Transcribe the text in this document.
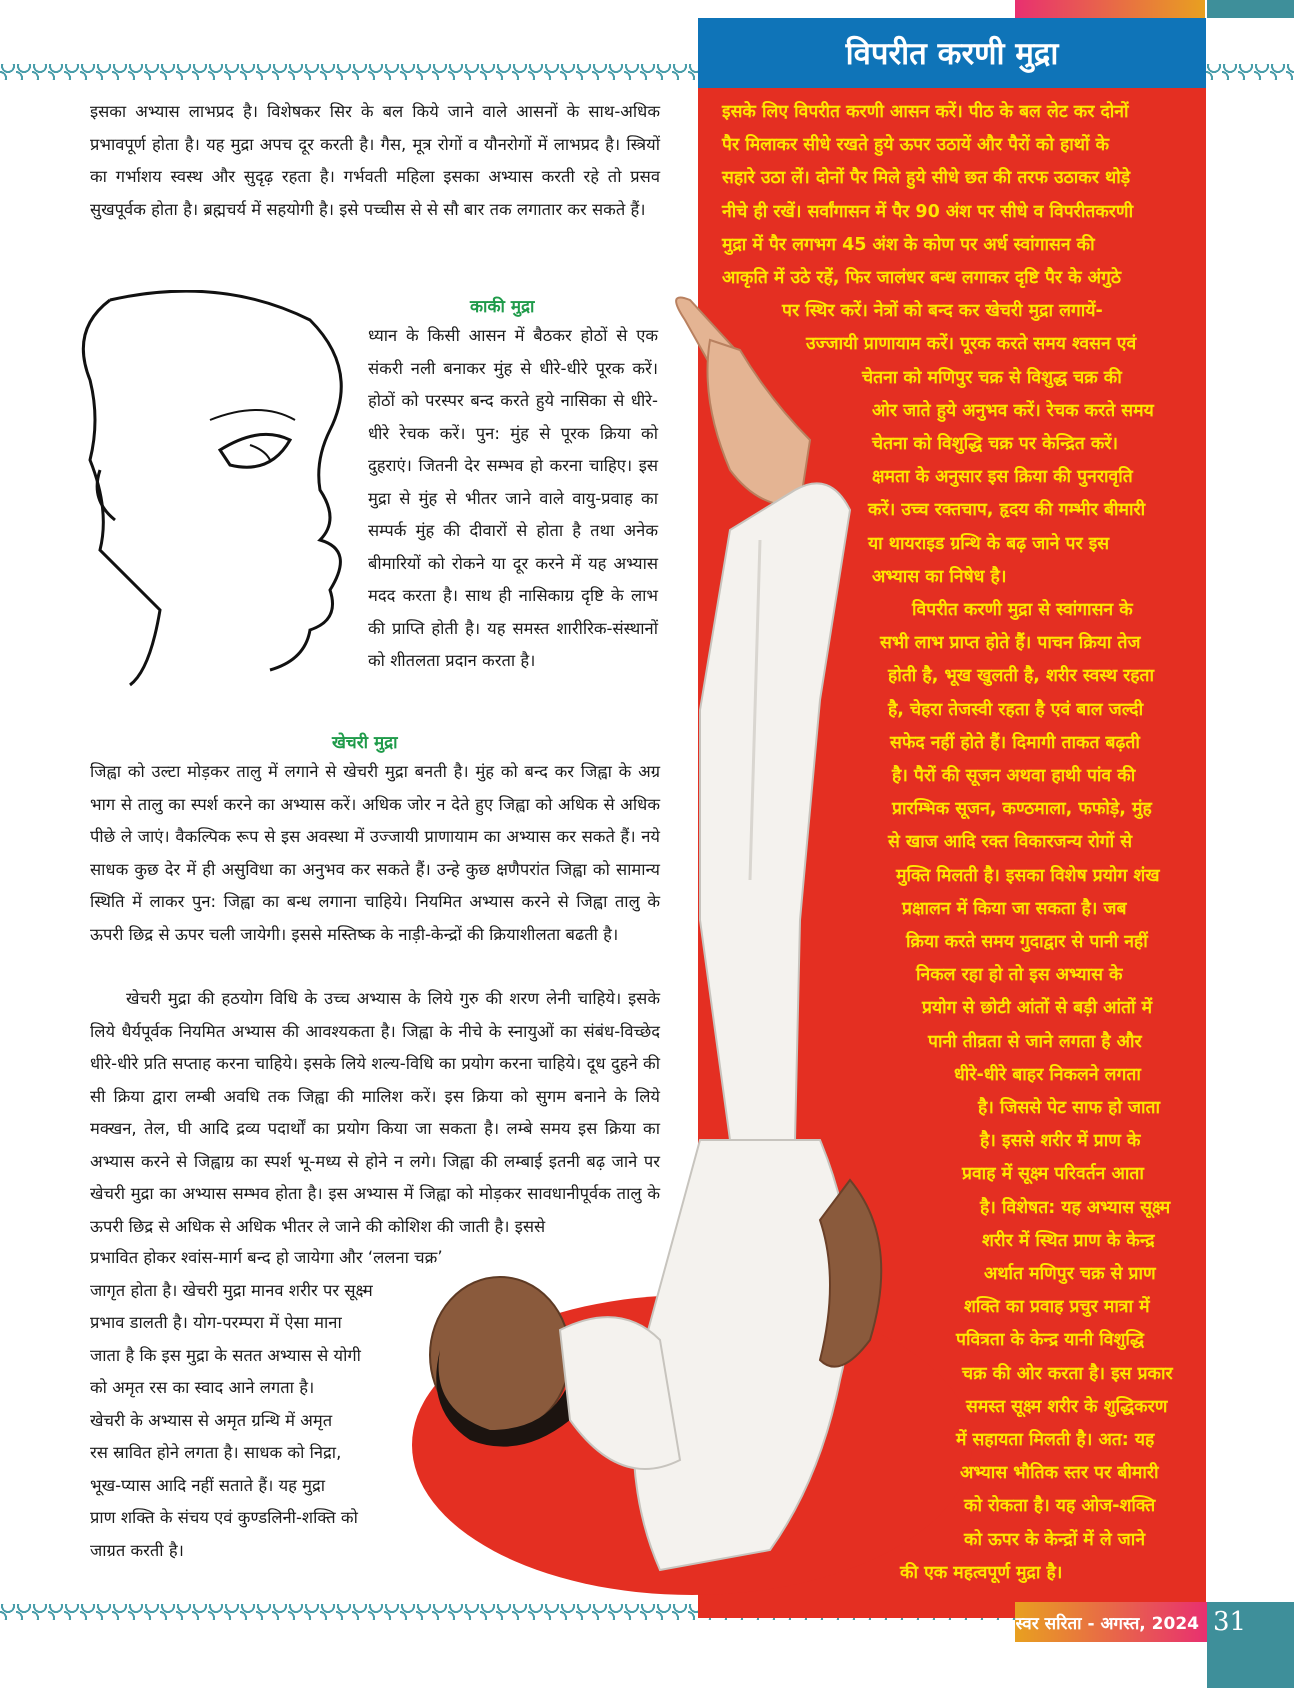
विपरीत करणी मुद्रा

इसका अभ्यास लाभप्रद है। विशेषकर सिर के बल किये जाने वाले आसनों के साथ-अधिक प्रभावपूर्ण होता है। यह मुद्रा अपच दूर करती है। गैस, मूत्र रोगों व यौनरोगों में लाभप्रद है। स्त्रियों का गर्भाशय स्वस्थ और सुदृढ़ रहता है। गर्भवती महिला इसका अभ्यास करती रहे तो प्रसव सुखपूर्वक होता है। ब्रह्मचर्य में सहयोगी है। इसे पच्चीस से से सौ बार तक लगातार कर सकते हैं।

काकी मुद्रा

ध्यान के किसी आसन में बैठकर होठों से एक संकरी नली बनाकर मुंह से धीरे-धीरे पूरक करें। होठों को परस्पर बन्द करते हुये नासिका से धीरे-धीरे रेचक करें। पुन: मुंह से पूरक क्रिया को दुहराएं। जितनी देर सम्भव हो करना चाहिए। इस मुद्रा से मुंह से भीतर जाने वाले वायु-प्रवाह का सम्पर्क मुंह की दीवारों से होता है तथा अनेक बीमारियों को रोकने या दूर करने में यह अभ्यास मदद करता है। साथ ही नासिकाग्र दृष्टि के लाभ की प्राप्ति होती है। यह समस्त शारीरिक-संस्थानों को शीतलता प्रदान करता है।

खेचरी मुद्रा

जिह्वा को उल्टा मोड़कर तालु में लगाने से खेचरी मुद्रा बनती है। मुंह को बन्द कर जिह्वा के अग्र भाग से तालु का स्पर्श करने का अभ्यास करें। अधिक जोर न देते हुए जिह्वा को अधिक से अधिक पीछे ले जाएं। वैकल्पिक रूप से इस अवस्था में उज्जायी प्राणायाम का अभ्यास कर सकते हैं। नये साधक कुछ देर में ही असुविधा का अनुभव कर सकते हैं। उन्हे कुछ क्षणैपरांत जिह्वा को सामान्य स्थिति में लाकर पुन: जिह्वा का बन्ध लगाना चाहिये। नियमित अभ्यास करने से जिह्वा तालु के ऊपरी छिद्र से ऊपर चली जायेगी। इससे मस्तिष्क के नाड़ी-केन्द्रों की क्रियाशीलता बढती है।

खेचरी मुद्रा की हठयोग विधि के उच्च अभ्यास के लिये गुरु की शरण लेनी चाहिये। इसके लिये धैर्यपूर्वक नियमित अभ्यास की आवश्यकता है। जिह्वा के नीचे के स्नायुओं का संबंध-विच्छेद धीरे-धीरे प्रति सप्ताह करना चाहिये। इसके लिये शल्य-विधि का प्रयोग करना चाहिये। दूध दुहने की सी क्रिया द्वारा लम्बी अवधि तक जिह्वा की मालिश करें। इस क्रिया को सुगम बनाने के लिये मक्खन, तेल, घी आदि द्रव्य पदार्थों का प्रयोग किया जा सकता है। लम्बे समय इस क्रिया का अभ्यास करने से जिह्वाग्र का स्पर्श भू-मध्य से होने न लगे। जिह्वा की लम्बाई इतनी बढ़ जाने पर खेचरी मुद्रा का अभ्यास सम्भव होता है। इस अभ्यास में जिह्वा को मोड़कर सावधानीपूर्वक तालु के ऊपरी छिद्र से अधिक से अधिक भीतर ले जाने की कोशिश की जाती है। इससे

प्रभावित होकर श्वांस-मार्ग बन्द हो जायेगा और ‘ललना चक्र’
जागृत होता है। खेचरी मुद्रा मानव शरीर पर सूक्ष्म
प्रभाव डालती है। योग-परम्परा में ऐसा माना
जाता है कि इस मुद्रा के सतत अभ्यास से योगी
को अमृत रस का स्वाद आने लगता है।
खेचरी के अभ्यास से अमृत ग्रन्थि में अमृत
रस स्रावित होने लगता है। साधक को निद्रा,
भूख-प्यास आदि नहीं सताते हैं। यह मुद्रा
प्राण शक्ति के संचय एवं कुण्डलिनी-शक्ति को
जाग्रत करती है।
इसके लिए विपरीत करणी आसन करें। पीठ के बल लेट कर दोनों
पैर मिलाकर सीधे रखते हुये ऊपर उठायें और पैरों को हाथों के
सहारे उठा लें। दोनों पैर मिले हुये सीधे छत की तरफ उठाकर थोड़े
नीचे ही रखें। सर्वांगासन में पैर 90 अंश पर सीधे व विपरीतकरणी
मुद्रा में पैर लगभग 45 अंश के कोण पर अर्ध स्वांगासन की
आकृति में उठे रहें, फिर जालंधर बन्ध लगाकर दृष्टि पैर के अंगुठे
पर स्थिर करें। नेत्रों को बन्द कर खेचरी मुद्रा लगायें-
उज्जायी प्राणायाम करें। पूरक करते समय श्वसन एवं
चेतना को मणिपुर चक्र से विशुद्ध चक्र की
ओर जाते हुये अनुभव करें। रेचक करते समय
चेतना को विशुद्धि चक्र पर केन्द्रित करें।
क्षमता के अनुसार इस क्रिया की पुनरावृति
करें। उच्च रक्तचाप, हृदय की गम्भीर बीमारी
या थायराइड ग्रन्थि के बढ़ जाने पर इस
अभ्यास का निषेध है।
विपरीत करणी मुद्रा से स्वांगासन के
सभी लाभ प्राप्त होते हैं। पाचन क्रिया तेज
होती है, भूख खुलती है, शरीर स्वस्थ रहता
है, चेहरा तेजस्वी रहता है एवं बाल जल्दी
सफेद नहीं होते हैं। दिमागी ताकत बढ़ती
है। पैरों की सूजन अथवा हाथी पांव की
प्रारम्भिक सूजन, कण्ठमाला, फफोड़े, मुंह
से खाज आदि रक्त विकारजन्य रोगों से
मुक्ति मिलती है। इसका विशेष प्रयोग शंख
प्रक्षालन में किया जा सकता है। जब
क्रिया करते समय गुदाद्वार से पानी नहीं
निकल रहा हो तो इस अभ्यास के
प्रयोग से छोटी आंतों से बड़ी आंतों में
पानी तीव्रता से जाने लगता है और
धीरे-धीरे बाहर निकलने लगता
है। जिससे पेट साफ हो जाता
है। इससे शरीर में प्राण के
प्रवाह में सूक्ष्म परिवर्तन आता
है। विशेषत: यह अभ्यास सूक्ष्म
शरीर में स्थित प्राण के केन्द्र
अर्थात मणिपुर चक्र से प्राण
शक्ति का प्रवाह प्रचुर मात्रा में
पवित्रता के केन्द्र यानी विशुद्धि
चक्र की ओर करता है। इस प्रकार
समस्त सूक्ष्म शरीर के शुद्धिकरण
में सहायता मिलती है। अत: यह
अभ्यास भौतिक स्तर पर बीमारी
को रोकता है। यह ओज-शक्ति
को ऊपर के केन्द्रों में ले जाने
की एक महत्वपूर्ण मुद्रा है।
स्वर सरिता - अगस्त, 2024 31
